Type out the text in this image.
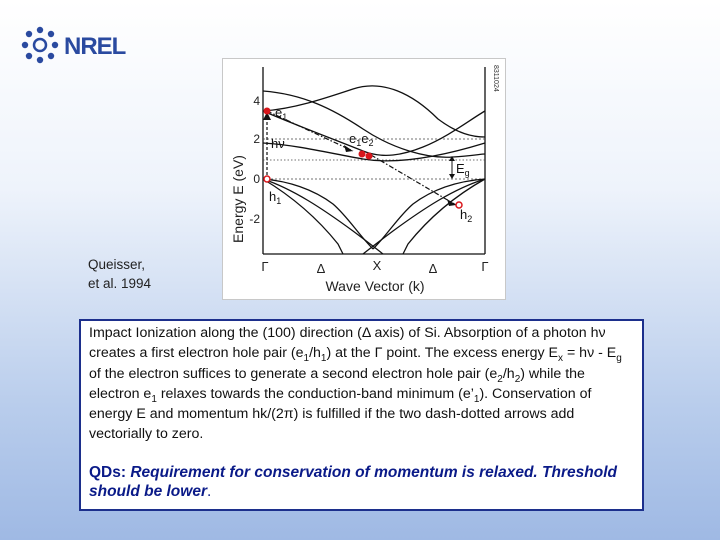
NREL
Energy E (eV)
4
2
0
-2
8311024
$e_1$
hν	$e_1e_2$
$E_g$
$h_1$
$h_2$
Γ	Δ	X	Δ	Γ
Wave Vector (k)
Queisser,
et al. 1994

Impact Ionization along the (100) direction (Δ axis) of Si. Absorption of a photon hν creates a first electron hole pair $(e_1/h_1)$ at the Γ point. The excess energy $E_x = h\nu - E_g$ of the electron suffices to generate a second electron hole pair $(e_2/h_2)$ while the electron $e_1$ relaxes towards the conduction-band minimum $(e’_1)$. Conservation of energy E and momentum hk/(2π) is fulfilled if the two dash-dotted arrows add vectorially to zero.

QDs: Requirement for conservation of momentum is relaxed. Threshold should be lower.
